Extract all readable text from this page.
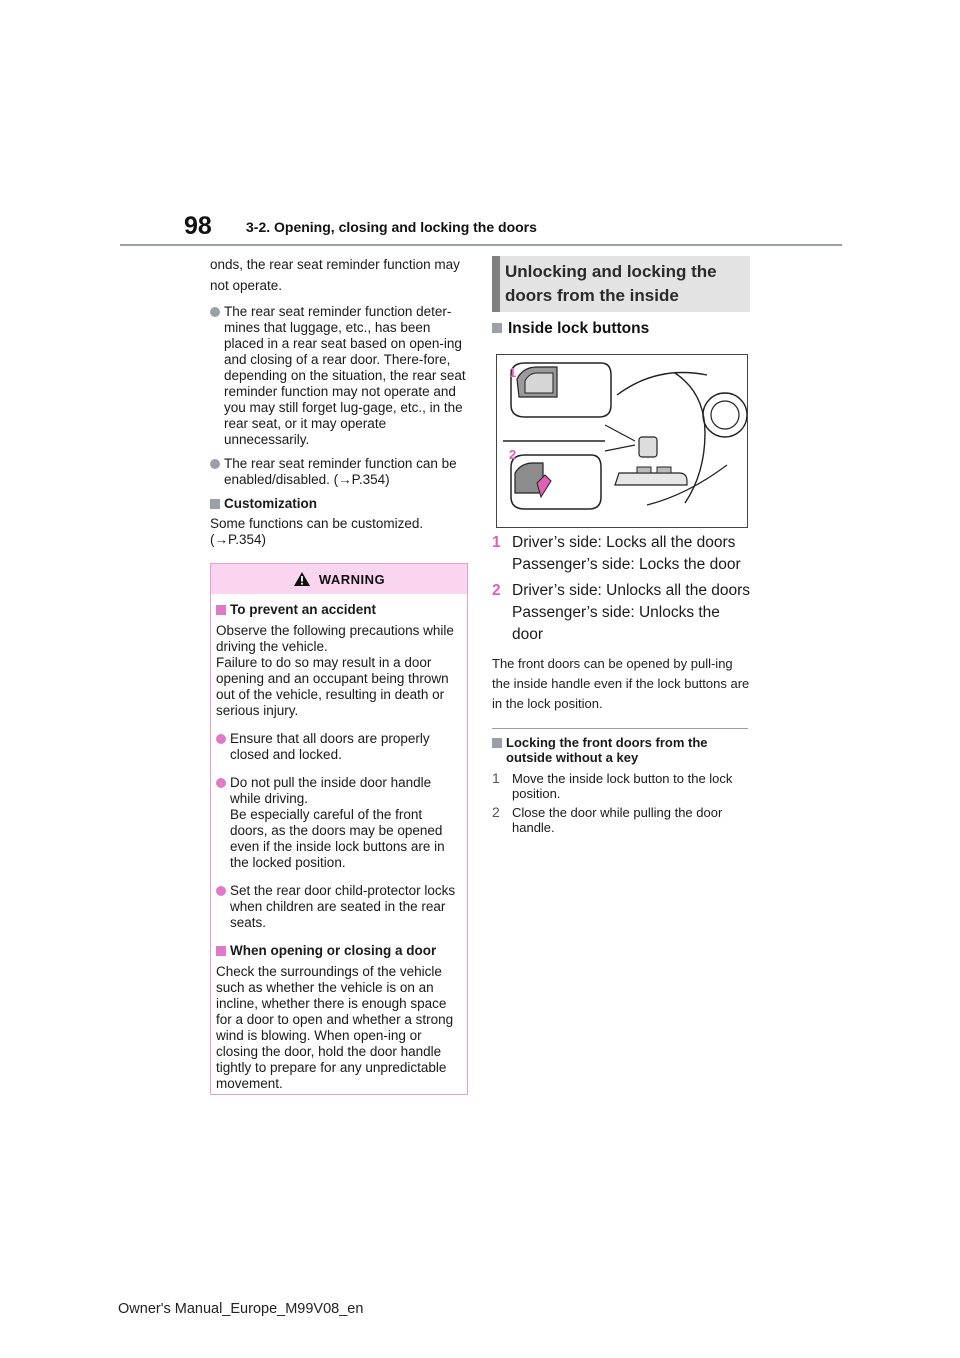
98 3-2. Opening, closing and locking the doors

onds, the rear seat reminder function may not operate.

The rear seat reminder function deter-mines that luggage, etc., has been placed in a rear seat based on open-ing and closing of a rear door. There-fore, depending on the situation, the rear seat reminder function may not operate and you may still forget lug-gage, etc., in the rear seat, or it may operate unnecessarily.
The rear seat reminder function can be enabled/disabled. (→P.354)
Customization

Some functions can be customized. (→P.354)

WARNING
To prevent an accident

Observe the following precautions while driving the vehicle.

Failure to do so may result in a door opening and an occupant being thrown out of the vehicle, resulting in death or serious injury.

Ensure that all doors are properly closed and locked.
Do not pull the inside door handle while driving.
Be especially careful of the front doors, as the doors may be opened even if the inside lock buttons are in the locked position.
Set the rear door child-protector locks when children are seated in the rear seats.
When opening or closing a door

Check the surroundings of the vehicle such as whether the vehicle is on an incline, whether there is enough space for a door to open and whether a strong wind is blowing. When open-ing or closing the door, hold the door handle tightly to prepare for any unpredictable movement.

Unlocking and locking the
doors from the inside
Inside lock buttons
1
2
1 Driver’s side: Locks all the doors
Passenger’s side: Locks the door
2 Driver’s side: Unlocks all the doors
Passenger’s side: Unlocks the door

The front doors can be opened by pull-ing the inside handle even if the lock buttons are in the lock position.

Locking the front doors from the outside without a key
1 Move the inside lock button to the lock position.
2 Close the door while pulling the door handle.
Owner's Manual_Europe_M99V08_en
